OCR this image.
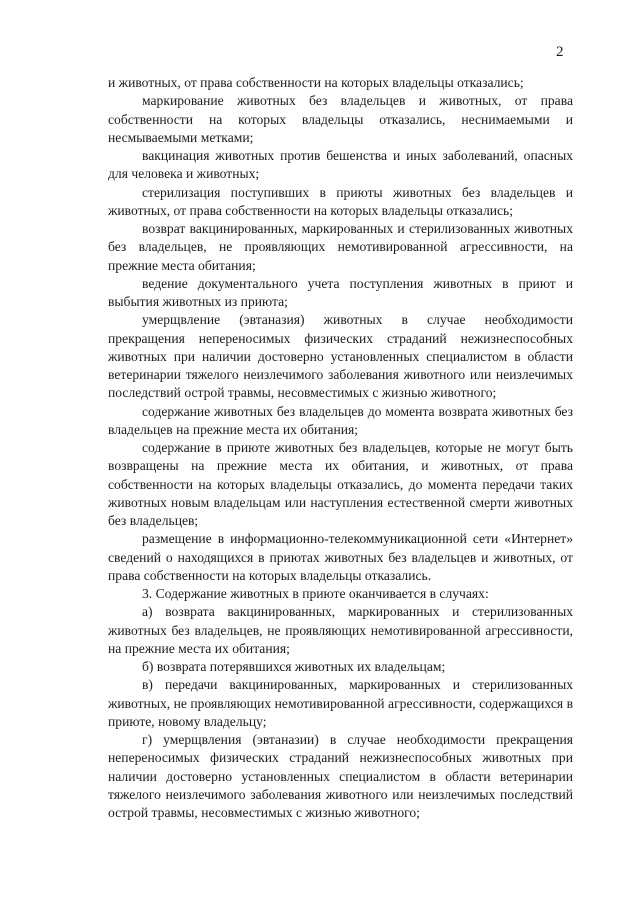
2

и животных, от права собственности на которых владельцы отказались;

маркирование животных без владельцев и животных, от права собственности на которых владельцы отказались, неснимаемыми и несмываемыми метками;

вакцинация животных против бешенства и иных заболеваний, опасных для человека и животных;

стерилизация поступивших в приюты животных без владельцев и животных, от права собственности на которых владельцы отказались;

возврат вакцинированных, маркированных и стерилизованных животных без владельцев, не проявляющих немотивированной агрессивности, на прежние места обитания;

ведение документального учета поступления животных в приют и выбытия животных из приюта;

умерщвление (эвтаназия) животных в случае необходимости прекращения непереносимых физических страданий нежизнеспособных животных при наличии достоверно установленных специалистом в области ветеринарии тяжелого неизлечимого заболевания животного или неизлечимых последствий острой травмы, несовместимых с жизнью животного;

содержание животных без владельцев до момента возврата животных без владельцев на прежние места их обитания;

содержание в приюте животных без владельцев, которые не могут быть возвращены на прежние места их обитания, и животных, от права собственности на которых владельцы отказались, до момента передачи таких животных новым владельцам или наступления естественной смерти животных без владельцев;

размещение в информационно-телекоммуникационной сети «Интернет» сведений о находящихся в приютах животных без владельцев и животных, от права собственности на которых владельцы отказались.

3. Содержание животных в приюте оканчивается в случаях:

а) возврата вакцинированных, маркированных и стерилизованных животных без владельцев, не проявляющих немотивированной агрессивности, на прежние места их обитания;

б) возврата потерявшихся животных их владельцам;

в) передачи вакцинированных, маркированных и стерилизованных животных, не проявляющих немотивированной агрессивности, содержащихся в приюте, новому владельцу;

г) умерщвления (эвтаназии) в случае необходимости прекращения непереносимых физических страданий нежизнеспособных животных при наличии достоверно установленных специалистом в области ветеринарии тяжелого неизлечимого заболевания животного или неизлечимых последствий острой травмы, несовместимых с жизнью животного;
